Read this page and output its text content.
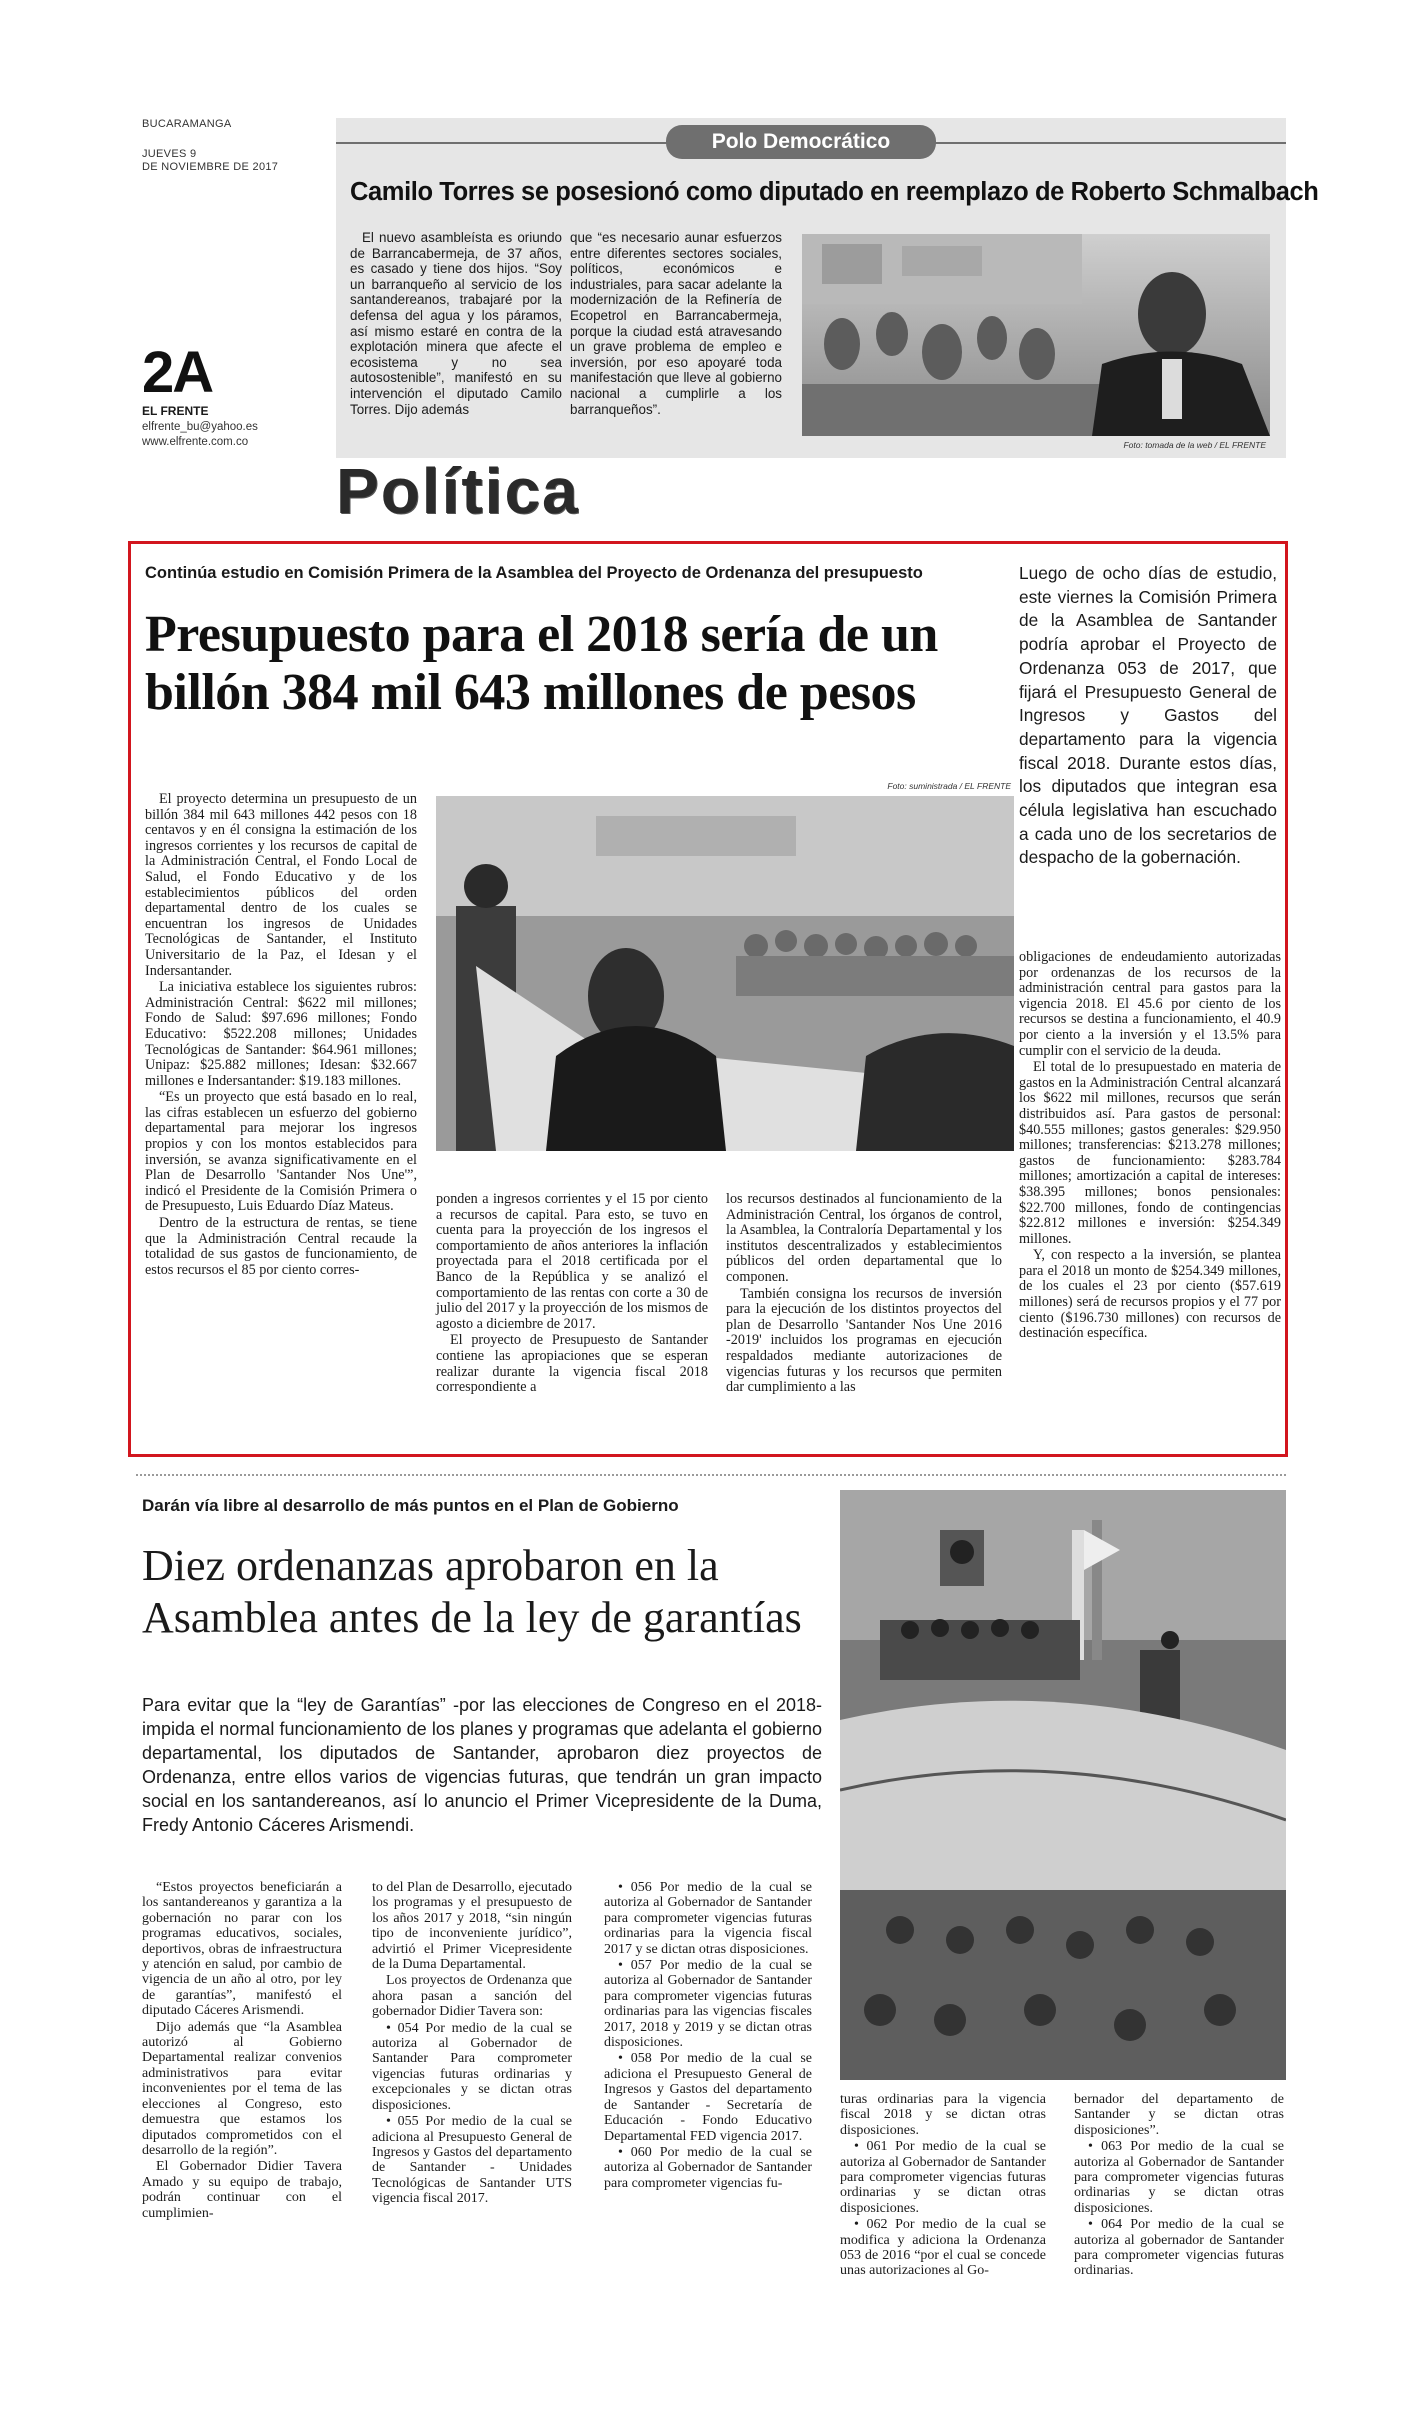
BUCARAMANGA
JUEVES 9
DE NOVIEMBRE DE 2017
2A
EL FRENTE
elfrente_bu@yahoo.es
www.elfrente.com.co
Polo Democrático
Camilo Torres se posesionó como diputado en reemplazo de Roberto Schmalbach

El nuevo asambleísta es oriundo de Barrancabermeja, de 37 años, es casado y tiene dos hijos. “Soy un barranqueño al servicio de los santandereanos, trabajaré por la defensa del agua y los páramos, así mismo estaré en contra de la explotación minera que afecte el ecosistema y no sea autosostenible”, manifestó en su intervención el diputado Camilo Torres. Dijo además

que “es necesario aunar esfuerzos entre diferentes sectores sociales, políticos, económicos e industriales, para sacar adelante la modernización de la Refinería de Ecopetrol en Barrancabermeja, porque la ciudad está atravesando un grave problema de empleo e inversión, por eso apoyaré toda manifestación que lleve al gobierno nacional a cumplirle a los barranqueños”.

Foto: tomada de la web / EL FRENTE
Política
Continúa estudio en Comisión Primera de la Asamblea del Proyecto de Ordenanza del presupuesto
Presupuesto para el 2018 sería de un billón 384 mil 643 millones de pesos
Luego de ocho días de estudio, este viernes la Comisión Primera de la Asamblea de Santander podría aprobar el Proyecto de Ordenanza 053 de 2017, que fijará el Presupuesto General de Ingresos y Gastos del departamento para la vigencia fiscal 2018. Durante estos días, los diputados que integran esa célula legislativa han escuchado a cada uno de los secretarios de despacho de la gobernación.
Foto: suministrada / EL FRENTE

El proyecto determina un presupuesto de un billón 384 mil 643 millones 442 pesos con 18 centavos y en él consigna la estimación de los ingresos corrientes y los recursos de capital de la Administración Central, el Fondo Local de Salud, el Fondo Educativo y de los establecimientos públicos del orden departamental dentro de los cuales se encuentran los ingresos de Unidades Tecnológicas de Santander, el Instituto Universitario de la Paz, el Idesan y el Indersantander.

La iniciativa establece los siguientes rubros: Administración Central: $622 mil millones; Fondo de Salud: $97.696 millones; Fondo Educativo: $522.208 millones; Unidades Tecnológicas de Santander: $64.961 millones; Unipaz: $25.882 millones; Idesan: $32.667 millones e Indersantander: $19.183 millones.

“Es un proyecto que está basado en lo real, las cifras establecen un esfuerzo del gobierno departamental para mejorar los ingresos propios y con los montos establecidos para inversión, se avanza significativamente en el Plan de Desarrollo 'Santander Nos Une'”, indicó el Presidente de la Comisión Primera o de Presupuesto, Luis Eduardo Díaz Mateus.

Dentro de la estructura de rentas, se tiene que la Administración Central recaude la totalidad de sus gastos de funcionamiento, de estos recursos el 85 por ciento corres-

ponden a ingresos corrientes y el 15 por ciento a recursos de capital. Para esto, se tuvo en cuenta para la proyección de los ingresos el comportamiento de años anteriores la inflación proyectada para el 2018 certificada por el Banco de la República y se analizó el comportamiento de las rentas con corte a 30 de julio del 2017 y la proyección de los mismos de agosto a diciembre de 2017.

El proyecto de Presupuesto de Santander contiene las apropiaciones que se esperan realizar durante la vigencia fiscal 2018 correspondiente a

los recursos destinados al funcionamiento de la Administración Central, los órganos de control, la Asamblea, la Contraloría Departamental y los institutos descentralizados y establecimientos públicos del orden departamental que lo componen.

También consigna los recursos de inversión para la ejecución de los distintos proyectos del plan de Desarrollo 'Santander Nos Une 2016 -2019' incluidos los programas en ejecución respaldados mediante autorizaciones de vigencias futuras y los recursos que permiten dar cumplimiento a las

obligaciones de endeudamiento autorizadas por ordenanzas de los recursos de la administración central para gastos para la vigencia 2018. El 45.6 por ciento de los recursos se destina a funcionamiento, el 40.9 por ciento a la inversión y el 13.5% para cumplir con el servicio de la deuda.

El total de lo presupuestado en materia de gastos en la Administración Central alcanzará los $622 mil millones, recursos que serán distribuidos así. Para gastos de personal: $40.555 millones; gastos generales: $29.950 millones; transferencias: $213.278 millones; gastos de funcionamiento: $283.784 millones; amortización a capital de intereses: $38.395 millones; bonos pensionales: $22.700 millones, fondo de contingencias $22.812 millones e inversión: $254.349 millones.

Y, con respecto a la inversión, se plantea para el 2018 un monto de $254.349 millones, de los cuales el 23 por ciento ($57.619 millones) será de recursos propios y el 77 por ciento ($196.730 millones) con recursos de destinación específica.

Darán vía libre al desarrollo de más puntos en el Plan de Gobierno
Diez ordenanzas aprobaron en la
Asamblea antes de la ley de garantías
Para evitar que la “ley de Garantías” -por las elecciones de Congreso en el 2018- impida el normal funcionamiento de los planes y programas que adelanta el gobierno departamental, los diputados de Santander, aprobaron diez proyectos de Ordenanza, entre ellos varios de vigencias futuras, que tendrán un gran impacto social en los santandereanos, así lo anuncio el Primer Vicepresidente de la Duma, Fredy Antonio Cáceres Arismendi.

“Estos proyectos beneficiarán a los santandereanos y garantiza a la gobernación no parar con los programas educativos, sociales, deportivos, obras de infraestructura y atención en salud, por cambio de vigencia de un año al otro, por ley de garantías”, manifestó el diputado Cáceres Arismendi.

Dijo además que “la Asamblea autorizó al Gobierno Departamental realizar convenios administrativos para evitar inconvenientes por el tema de las elecciones al Congreso, esto demuestra que estamos los diputados comprometidos con el desarrollo de la región”.

El Gobernador Didier Tavera Amado y su equipo de trabajo, podrán continuar con el cumplimien-

to del Plan de Desarrollo, ejecutado los programas y el presupuesto de los años 2017 y 2018, “sin ningún tipo de inconveniente jurídico”, advirtió el Primer Vicepresidente de la Duma Departamental.

Los proyectos de Ordenanza que ahora pasan a sanción del gobernador Didier Tavera son:

• 054 Por medio de la cual se autoriza al Gobernador de Santander Para comprometer vigencias futuras ordinarias y excepcionales y se dictan otras disposiciones.

• 055 Por medio de la cual se adiciona al Presupuesto General de Ingresos y Gastos del departamento de Santander - Unidades Tecnológicas de Santander UTS vigencia fiscal 2017.

• 056 Por medio de la cual se autoriza al Gobernador de Santander para comprometer vigencias futuras ordinarias para la vigencia fiscal 2017 y se dictan otras disposiciones.

• 057 Por medio de la cual se autoriza al Gobernador de Santander para comprometer vigencias futuras ordinarias para las vigencias fiscales 2017, 2018 y 2019 y se dictan otras disposiciones.

• 058 Por medio de la cual se adiciona el Presupuesto General de Ingresos y Gastos del departamento de Santander - Secretaría de Educación - Fondo Educativo Departamental FED vigencia 2017.

• 060 Por medio de la cual se autoriza al Gobernador de Santander para comprometer vigencias fu-

turas ordinarias para la vigencia fiscal 2018 y se dictan otras disposiciones.

• 061 Por medio de la cual se autoriza al Gobernador de Santander para comprometer vigencias futuras ordinarias y se dictan otras disposiciones.

• 062 Por medio de la cual se modifica y adiciona la Ordenanza 053 de 2016 “por el cual se concede unas autorizaciones al Go-

bernador del departamento de Santander y se dictan otras disposiciones”.

• 063 Por medio de la cual se autoriza al Gobernador de Santander para comprometer vigencias futuras ordinarias y se dictan otras disposiciones.

• 064 Por medio de la cual se autoriza al gobernador de Santander para comprometer vigencias futuras ordinarias.
